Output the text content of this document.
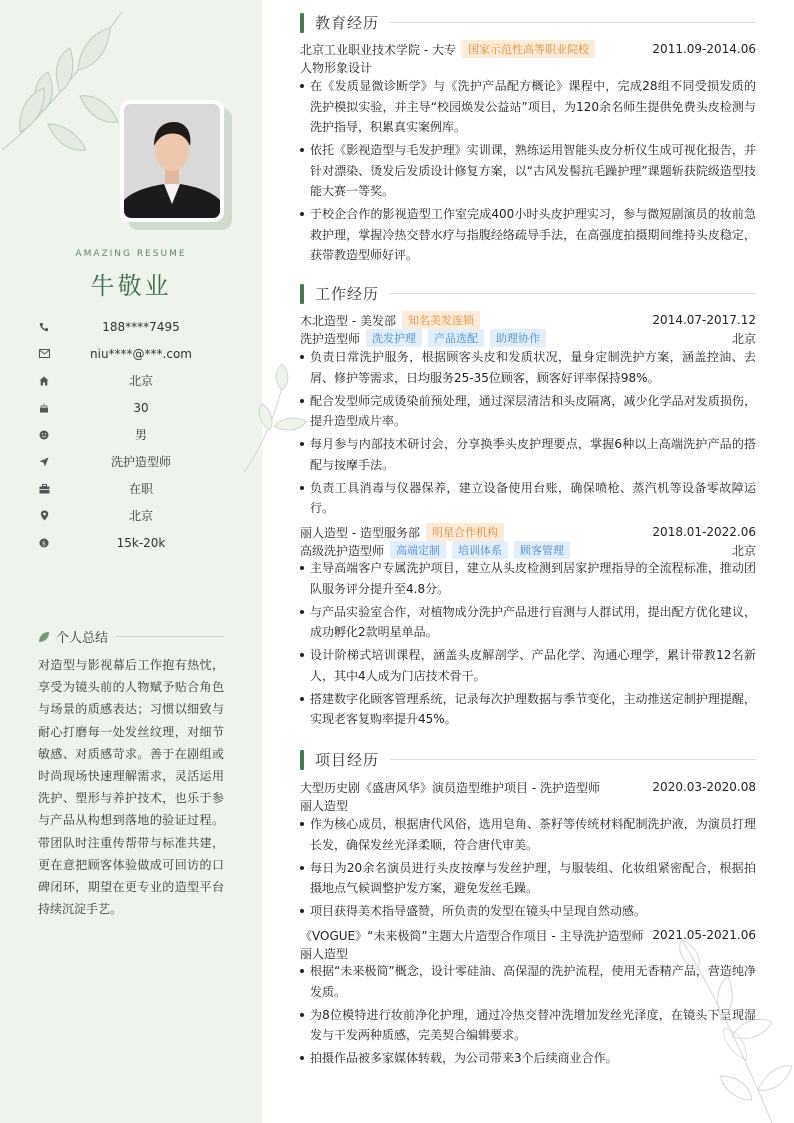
AMAZING RESUME
牛敬业
188****7495
niu****@***.com
北京
30
男
洗护造型师
在职
北京
$	15k-20k
个人总结
对造型与影视幕后工作抱有热忱，享受为镜头前的人物赋予贴合角色与场景的质感表达；习惯以细致与耐心打磨每一处发丝纹理，对细节敏感、对质感苛求。善于在剧组或时尚现场快速理解需求，灵活运用洗护、塑形与养护技术，也乐于参与产品从构想到落地的验证过程。带团队时注重传帮带与标准共建，更在意把顾客体验做成可回访的口碑闭环，期望在更专业的造型平台持续沉淀手艺。
教育经历
北京工业职业技术学院 - 大专	国家示范性高等职业院校	2011.09-2014.06
人物形象设计
在《发质显微诊断学》与《洗护产品配方概论》课程中，完成28组不同受损发质的洗护模拟实验，并主导“校园焕发公益站”项目，为120余名师生提供免费头皮检测与洗护指导，积累真实案例库。
依托《影视造型与毛发护理》实训课，熟练运用智能头皮分析仪生成可视化报告，并针对漂染、烫发后发质设计修复方案，以“古风发髻抗毛躁护理”课题斩获院级造型技能大赛一等奖。
于校企合作的影视造型工作室完成400小时头皮护理实习，参与微短剧演员的妆前急救护理，掌握冷热交替水疗与指腹经络疏导手法，在高强度拍摄期间维持头皮稳定，获带教造型师好评。
工作经历
木北造型 - 美发部	知名美发连锁	2014.07-2017.12
洗护造型师	洗发护理	产品选配	助理协作	北京
负责日常洗护服务，根据顾客头皮和发质状况，量身定制洗护方案，涵盖控油、去屑、修护等需求，日均服务25-35位顾客，顾客好评率保持98%。
配合发型师完成烫染前预处理，通过深层清洁和头皮隔离，减少化学品对发质损伤，提升造型成片率。
每月参与内部技术研讨会，分享换季头皮护理要点，掌握6种以上高端洗护产品的搭配与按摩手法。
负责工具消毒与仪器保养，建立设备使用台账，确保喷枪、蒸汽机等设备零故障运行。
丽人造型 - 造型服务部	明星合作机构	2018.01-2022.06
高级洗护造型师	高端定制	培训体系	顾客管理	北京
主导高端客户专属洗护项目，建立从头皮检测到居家护理指导的全流程标准，推动团队服务评分提升至4.8分。
与产品实验室合作，对植物成分洗护产品进行盲测与人群试用，提出配方优化建议，成功孵化2款明星单品。
设计阶梯式培训课程，涵盖头皮解剖学、产品化学、沟通心理学，累计带教12名新人，其中4人成为门店技术骨干。
搭建数字化顾客管理系统，记录每次护理数据与季节变化，主动推送定制护理提醒，实现老客复购率提升45%。
项目经历
大型历史剧《盛唐风华》演员造型维护项目 - 洗护造型师	2020.03-2020.08
丽人造型
作为核心成员，根据唐代风俗，选用皂角、茶籽等传统材料配制洗护液，为演员打理长发，确保发丝光泽柔顺，符合唐代审美。
每日为20余名演员进行头皮按摩与发丝护理，与服装组、化妆组紧密配合，根据拍摄地点气候调整护发方案，避免发丝毛躁。
项目获得美术指导盛赞，所负责的发型在镜头中呈现自然动感。
《VOGUE》“未来极简”主题大片造型合作项目 - 主导洗护造型师 2021.05-2021.06
丽人造型
根据“未来极简”概念，设计零硅油、高保湿的洗护流程，使用无香精产品，营造纯净发质。
为8位模特进行妆前净化护理，通过冷热交替冲洗增加发丝光泽度，在镜头下呈现湿发与干发两种质感，完美契合编辑要求。
拍摄作品被多家媒体转载，为公司带来3个后续商业合作。
